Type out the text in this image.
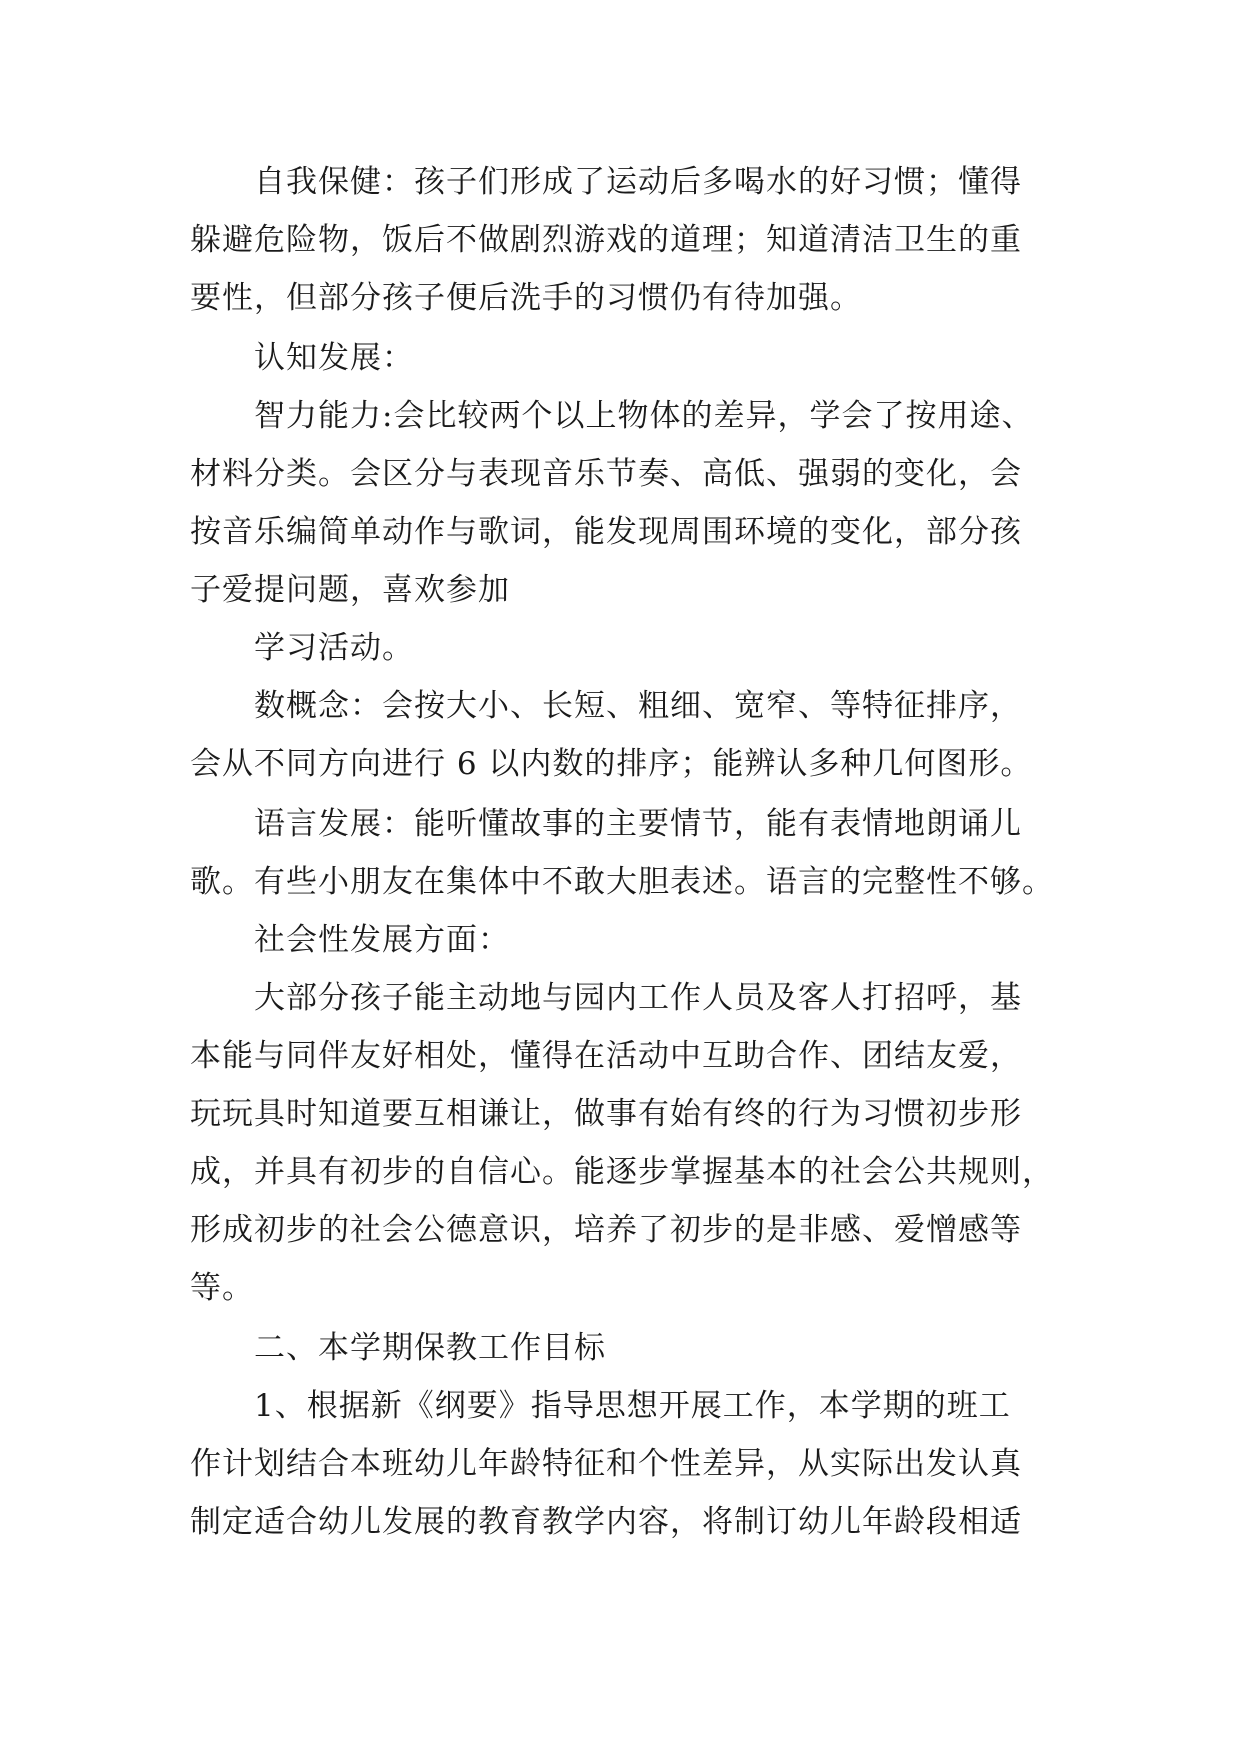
自我保健：孩子们形成了运动后多喝水的好习惯；懂得
躲避危险物，饭后不做剧烈游戏的道理；知道清洁卫生的重
要性，但部分孩子便后洗手的习惯仍有待加强。
认知发展：
智力能力:会比较两个以上物体的差异，学会了按用途、
材料分类。会区分与表现音乐节奏、高低、强弱的变化，会
按音乐编简单动作与歌词，能发现周围环境的变化，部分孩
子爱提问题，喜欢参加
学习活动。
数概念：会按大小、长短、粗细、宽窄、等特征排序，
会从不同方向进行 6 以内数的排序；能辨认多种几何图形。
语言发展：能听懂故事的主要情节，能有表情地朗诵儿
歌。有些小朋友在集体中不敢大胆表述。语言的完整性不够。
社会性发展方面：
大部分孩子能主动地与园内工作人员及客人打招呼，基
本能与同伴友好相处，懂得在活动中互助合作、团结友爱，
玩玩具时知道要互相谦让，做事有始有终的行为习惯初步形
成，并具有初步的自信心。能逐步掌握基本的社会公共规则，
形成初步的社会公德意识，培养了初步的是非感、爱憎感等
等。
二、本学期保教工作目标
1、根据新《纲要》指导思想开展工作，本学期的班工
作计划结合本班幼儿年龄特征和个性差异，从实际出发认真
制定适合幼儿发展的教育教学内容，将制订幼儿年龄段相适
